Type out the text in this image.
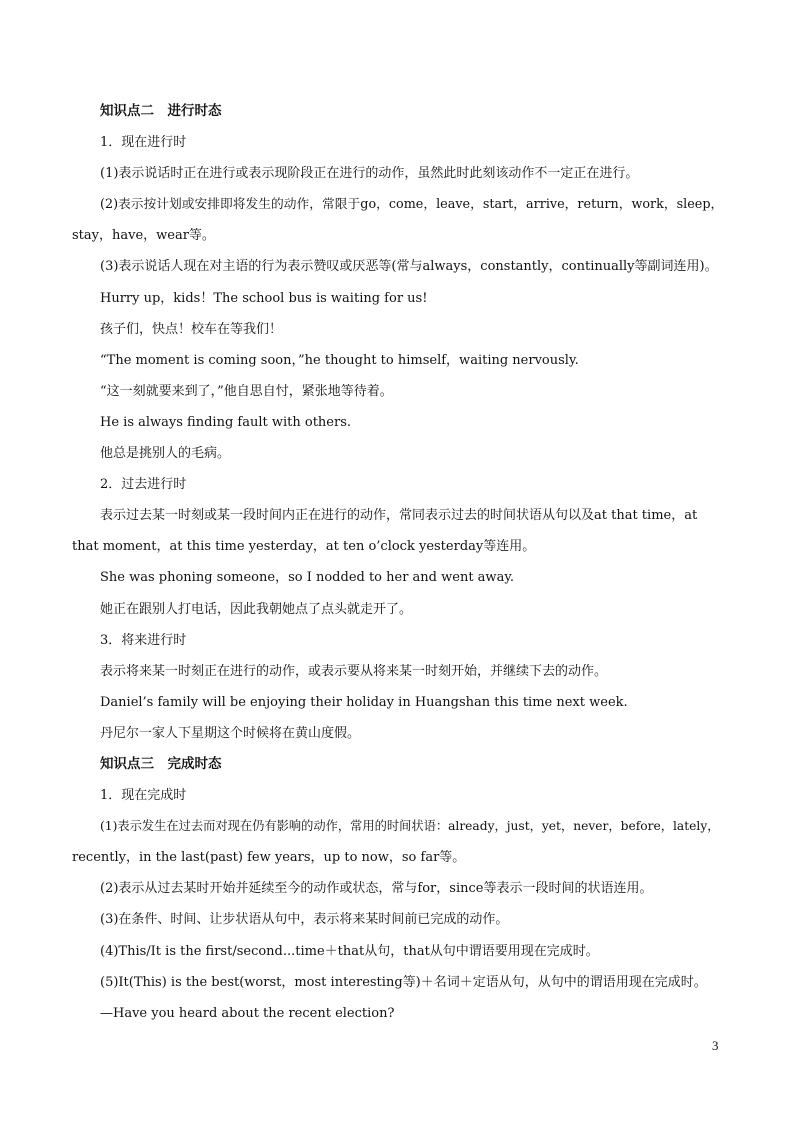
知识点二　进行时态
1．现在进行时
(1)表示说话时正在进行或表示现阶段正在进行的动作，虽然此时此刻该动作不一定正在进行。
(2)表示按计划或安排即将发生的动作，常限于go，come，leave，start，arrive，return，work，sleep，
stay，have，wear等。
(3)表示说话人现在对主语的行为表示赞叹或厌恶等(常与always，constantly，continually等副词连用)。
Hurry up，kids！The school bus is waiting for us!
孩子们，快点！校车在等我们！
“The moment is coming soon，”he thought to himself，waiting nervously.
“这一刻就要来到了，”他自思自忖，紧张地等待着。
He is always finding fault with others.
他总是挑别人的毛病。
2．过去进行时
表示过去某一时刻或某一段时间内正在进行的动作，常同表示过去的时间状语从句以及at that time，at
that moment，at this time yesterday，at ten o’clock yesterday等连用。
She was phoning someone，so I nodded to her and went away.
她正在跟别人打电话，因此我朝她点了点头就走开了。
3．将来进行时
表示将来某一时刻正在进行的动作，或表示要从将来某一时刻开始，并继续下去的动作。
Daniel’s family will be enjoying their holiday in Huangshan this time next week.
丹尼尔一家人下星期这个时候将在黄山度假。
知识点三　完成时态
1．现在完成时
(1)表示发生在过去而对现在仍有影响的动作，常用的时间状语：already，just，yet，never，before，lately，
recently，in the last(past) few years，up to now，so far等。
(2)表示从过去某时开始并延续至今的动作或状态，常与for，since等表示一段时间的状语连用。
(3)在条件、时间、让步状语从句中，表示将来某时间前已完成的动作。
(4)This/It is the first/second...time＋that从句，that从句中谓语要用现在完成时。
(5)It(This) is the best(worst，most interesting等)＋名词＋定语从句，从句中的谓语用现在完成时。
—Have you heard about the recent election?
3
